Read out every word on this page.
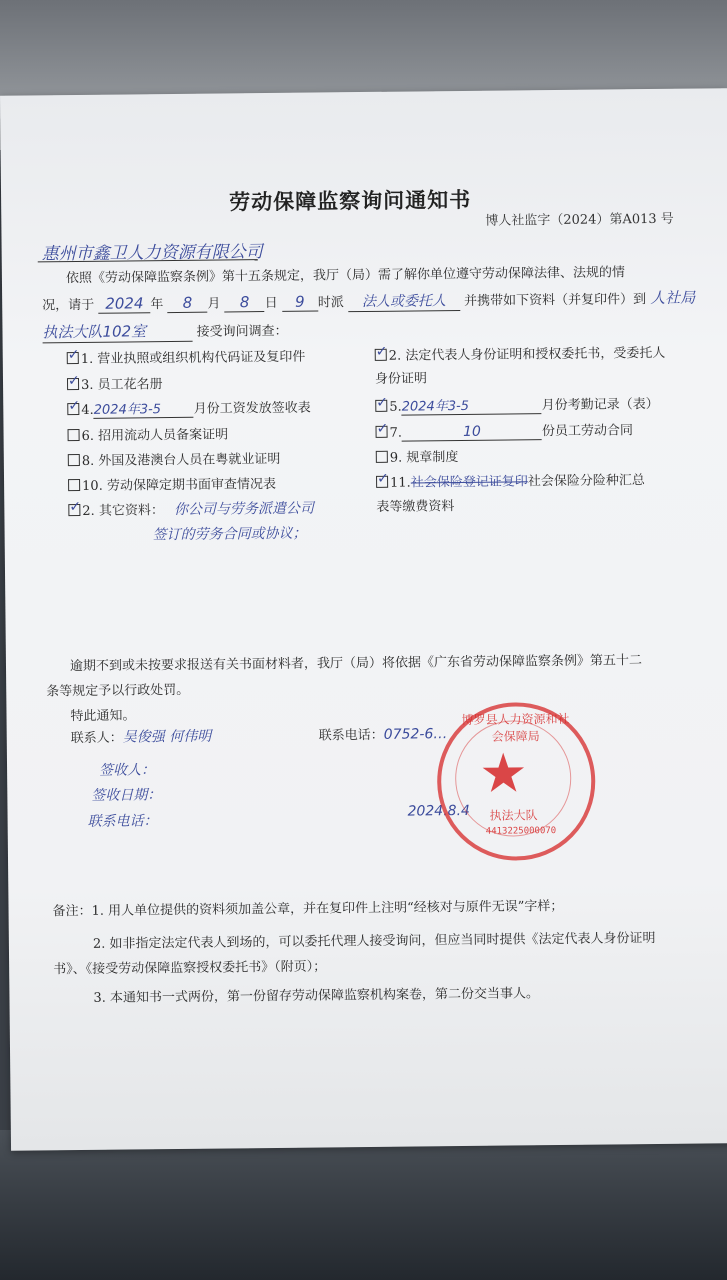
劳动保障监察询问通知书
博人社监字（2024）第A013 号
惠州市鑫卫人力资源有限公司
依照《劳动保障监察条例》第十五条规定，我厅（局）需了解你单位遵守劳动保障法律、法规的情
况，请于 2024 年 8 月 8 日 9 时派 法人或委托人 并携带如下资料（并复印件）到 人社局
执法大队102室	接受询问调查：
✓ 1. 营业执照或组织机构代码证及复印件
✓ 3. 员工花名册
✓ 4.2024年3-5	月份工资发放签收表
6. 招用流动人员备案证明
8. 外国及港澳台人员在粤就业证明
10. 劳动保障定期书面审查情况表
✓ 2. 其它资料： 你公司与劳务派遣公司
签订的劳务合同或协议；
✓ 2. 法定代表人身份证明和授权委托书，受委托人
身份证明
✓ 5.2024年3-5	月份考勤记录（表）
✓ 7.	10	份员工劳动合同
9. 规章制度
✓ 11.社会保险登记证复印社会保险分险种汇总
表等缴费资料
逾期不到或未按要求报送有关书面材料者，我厅（局）将依据《广东省劳动保障监察条例》第五十二
条等规定予以行政处罚。
特此通知。
联系人：吴俊强 何伟明	联系电话：0752-6…
签收人：
签收日期：
联系电话：
2024.8.4
博罗县人力资源和社会保障局
★
执法大队
4413225000070
备注：1. 用人单位提供的资料须加盖公章，并在复印件上注明“经核对与原件无误”字样；
2. 如非指定法定代表人到场的，可以委托代理人接受询问，但应当同时提供《法定代表人身份证明
书》、《接受劳动保障监察授权委托书》（附页）；
3. 本通知书一式两份，第一份留存劳动保障监察机构案卷，第二份交当事人。
